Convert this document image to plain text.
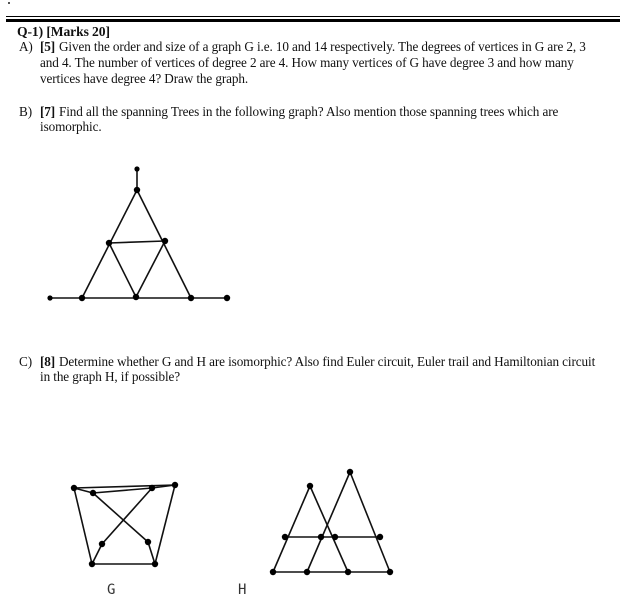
Q-1) [Marks 20]
A) [5] Given the order and size of a graph G i.e. 10 and 14 respectively. The degrees of vertices in G are 2, 3
and 4. The number of vertices of degree 2 are 4. How many vertices of G have degree 3 and how many
vertices have degree 4? Draw the graph.
B) [7] Find all the spanning Trees in the following graph? Also mention those spanning trees which are
isomorphic.
C) [8] Determine whether G and H are isomorphic? Also find Euler circuit, Euler trail and Hamiltonian circuit
in the graph H, if possible?
G	H
